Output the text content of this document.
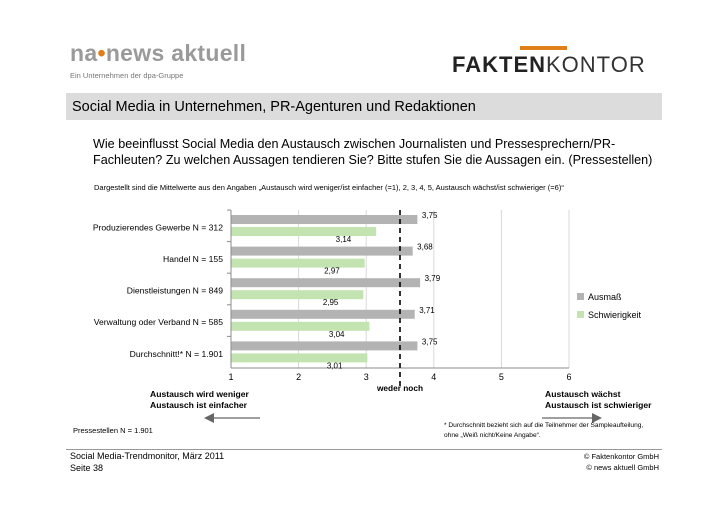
na•news aktuell
Ein Unternehmen der dpa-Gruppe	FAKTENKONTOR
Social Media in Unternehmen, PR-Agenturen und Redaktionen
Wie beeinflusst Social Media den Austausch zwischen Journalisten und Pressesprechern/PR-Fachleuten? Zu welchen Aussagen tendieren Sie? Bitte stufen Sie die Aussagen ein. (Pressestellen)
Dargestellt sind die Mittelwerte aus den Angaben „Austausch wird weniger/ist einfacher (=1), 2, 3, 4, 5, Austausch wächst/ist schwieriger (=6)“
Produzierendes Gewerbe N = 312
3,75
3,14
Handel N = 155
3,68
2,97
Dienstleistungen N = 849
3,79
2,95
Verwaltung oder Verband N = 585
3,71
3,04
Durchschnitt!* N = 1.901
3,75
3,01
1	2	3	4	5	6
weder noch
Ausmaß
Schwierigkeit
Austausch wird weniger
Austausch ist einfacher
Austausch wächst
Austausch ist schwieriger
* Durchschnitt bezieht sich auf die Teilnehmer der Sampleaufteilung,
ohne „Weiß nicht/Keine Angabe“.
Pressestellen N = 1.901
Social Media-Trendmonitor, März 2011
Seite 38
© Faktenkontor GmbH
© news aktuell GmbH
